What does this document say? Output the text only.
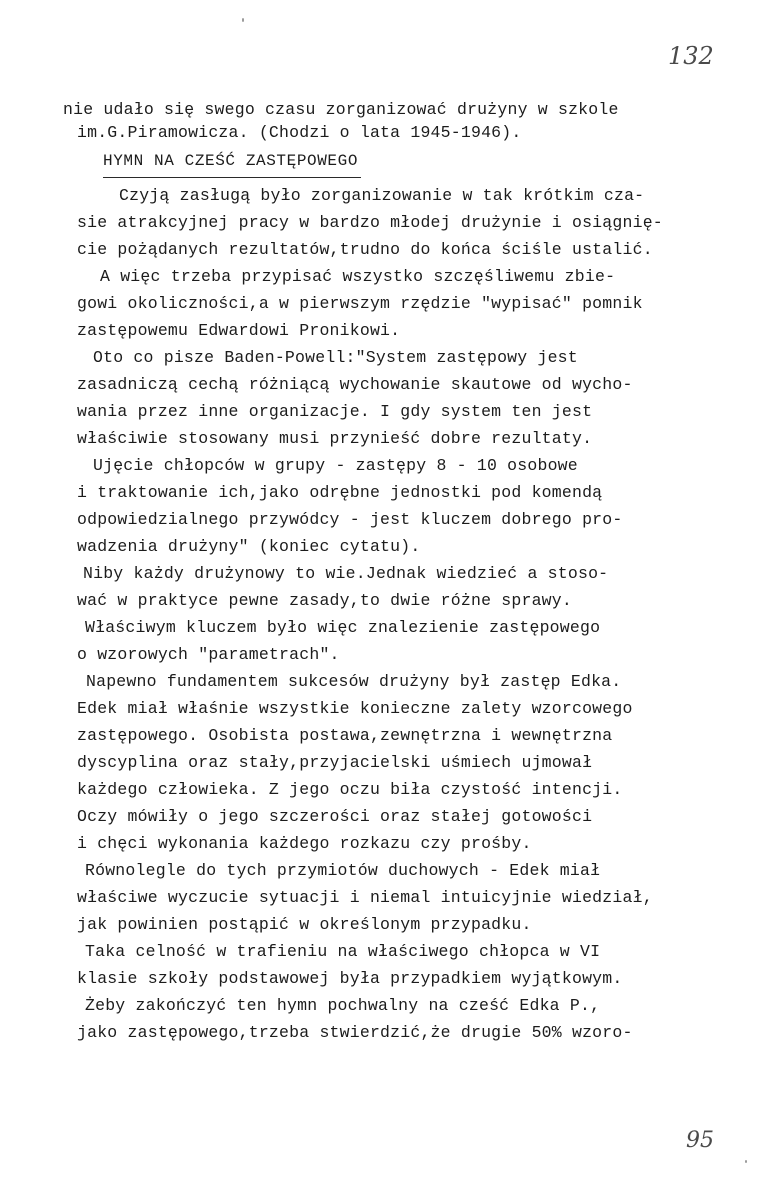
132
nie udało się swego czasu zorganizować drużyny w szkole
im.G.Piramowicza. (Chodzi o lata 1945-1946).
HYMN NA CZEŚĆ ZASTĘPOWEGO
Czyją zasługą było zorganizowanie w tak krótkim cza-
sie atrakcyjnej pracy w bardzo młodej drużynie i osiągnię-
cie pożądanych rezultatów,trudno do końca ściśle ustalić.
A więc trzeba przypisać wszystko szczęśliwemu zbie-
gowi okoliczności,a w pierwszym rzędzie "wypisać" pomnik
zastępowemu Edwardowi Pronikowi.
Oto co pisze Baden-Powell:"System zastępowy jest
zasadniczą cechą różniącą wychowanie skautowe od wycho-
wania przez inne organizacje. I gdy system ten jest
właściwie stosowany musi przynieść dobre rezultaty.
Ujęcie chłopców w grupy - zastępy 8 - 10 osobowe
i traktowanie ich,jako odrębne jednostki pod komendą
odpowiedzialnego przywódcy - jest kluczem dobrego pro-
wadzenia drużyny" (koniec cytatu).
Niby każdy drużynowy to wie.Jednak wiedzieć a stoso-
wać w praktyce pewne zasady,to dwie różne sprawy.
Właściwym kluczem było więc znalezienie zastępowego
o wzorowych "parametrach".
Napewno fundamentem sukcesów drużyny był zastęp Edka.
Edek miał właśnie wszystkie konieczne zalety wzorcowego
zastępowego. Osobista postawa,zewnętrzna i wewnętrzna
dyscyplina oraz stały,przyjacielski uśmiech ujmował
każdego człowieka. Z jego oczu biła czystość intencji.
Oczy mówiły o jego szczerości oraz stałej gotowości
i chęci wykonania każdego rozkazu czy prośby.
Równolegle do tych przymiotów duchowych - Edek miał
właściwe wyczucie sytuacji i niemal intuicyjnie wiedział,
jak powinien postąpić w określonym przypadku.
Taka celność w trafieniu na właściwego chłopca w VI
klasie szkoły podstawowej była przypadkiem wyjątkowym.
Żeby zakończyć ten hymn pochwalny na cześć Edka P.,
jako zastępowego,trzeba stwierdzić,że drugie 50% wzoro-
95
